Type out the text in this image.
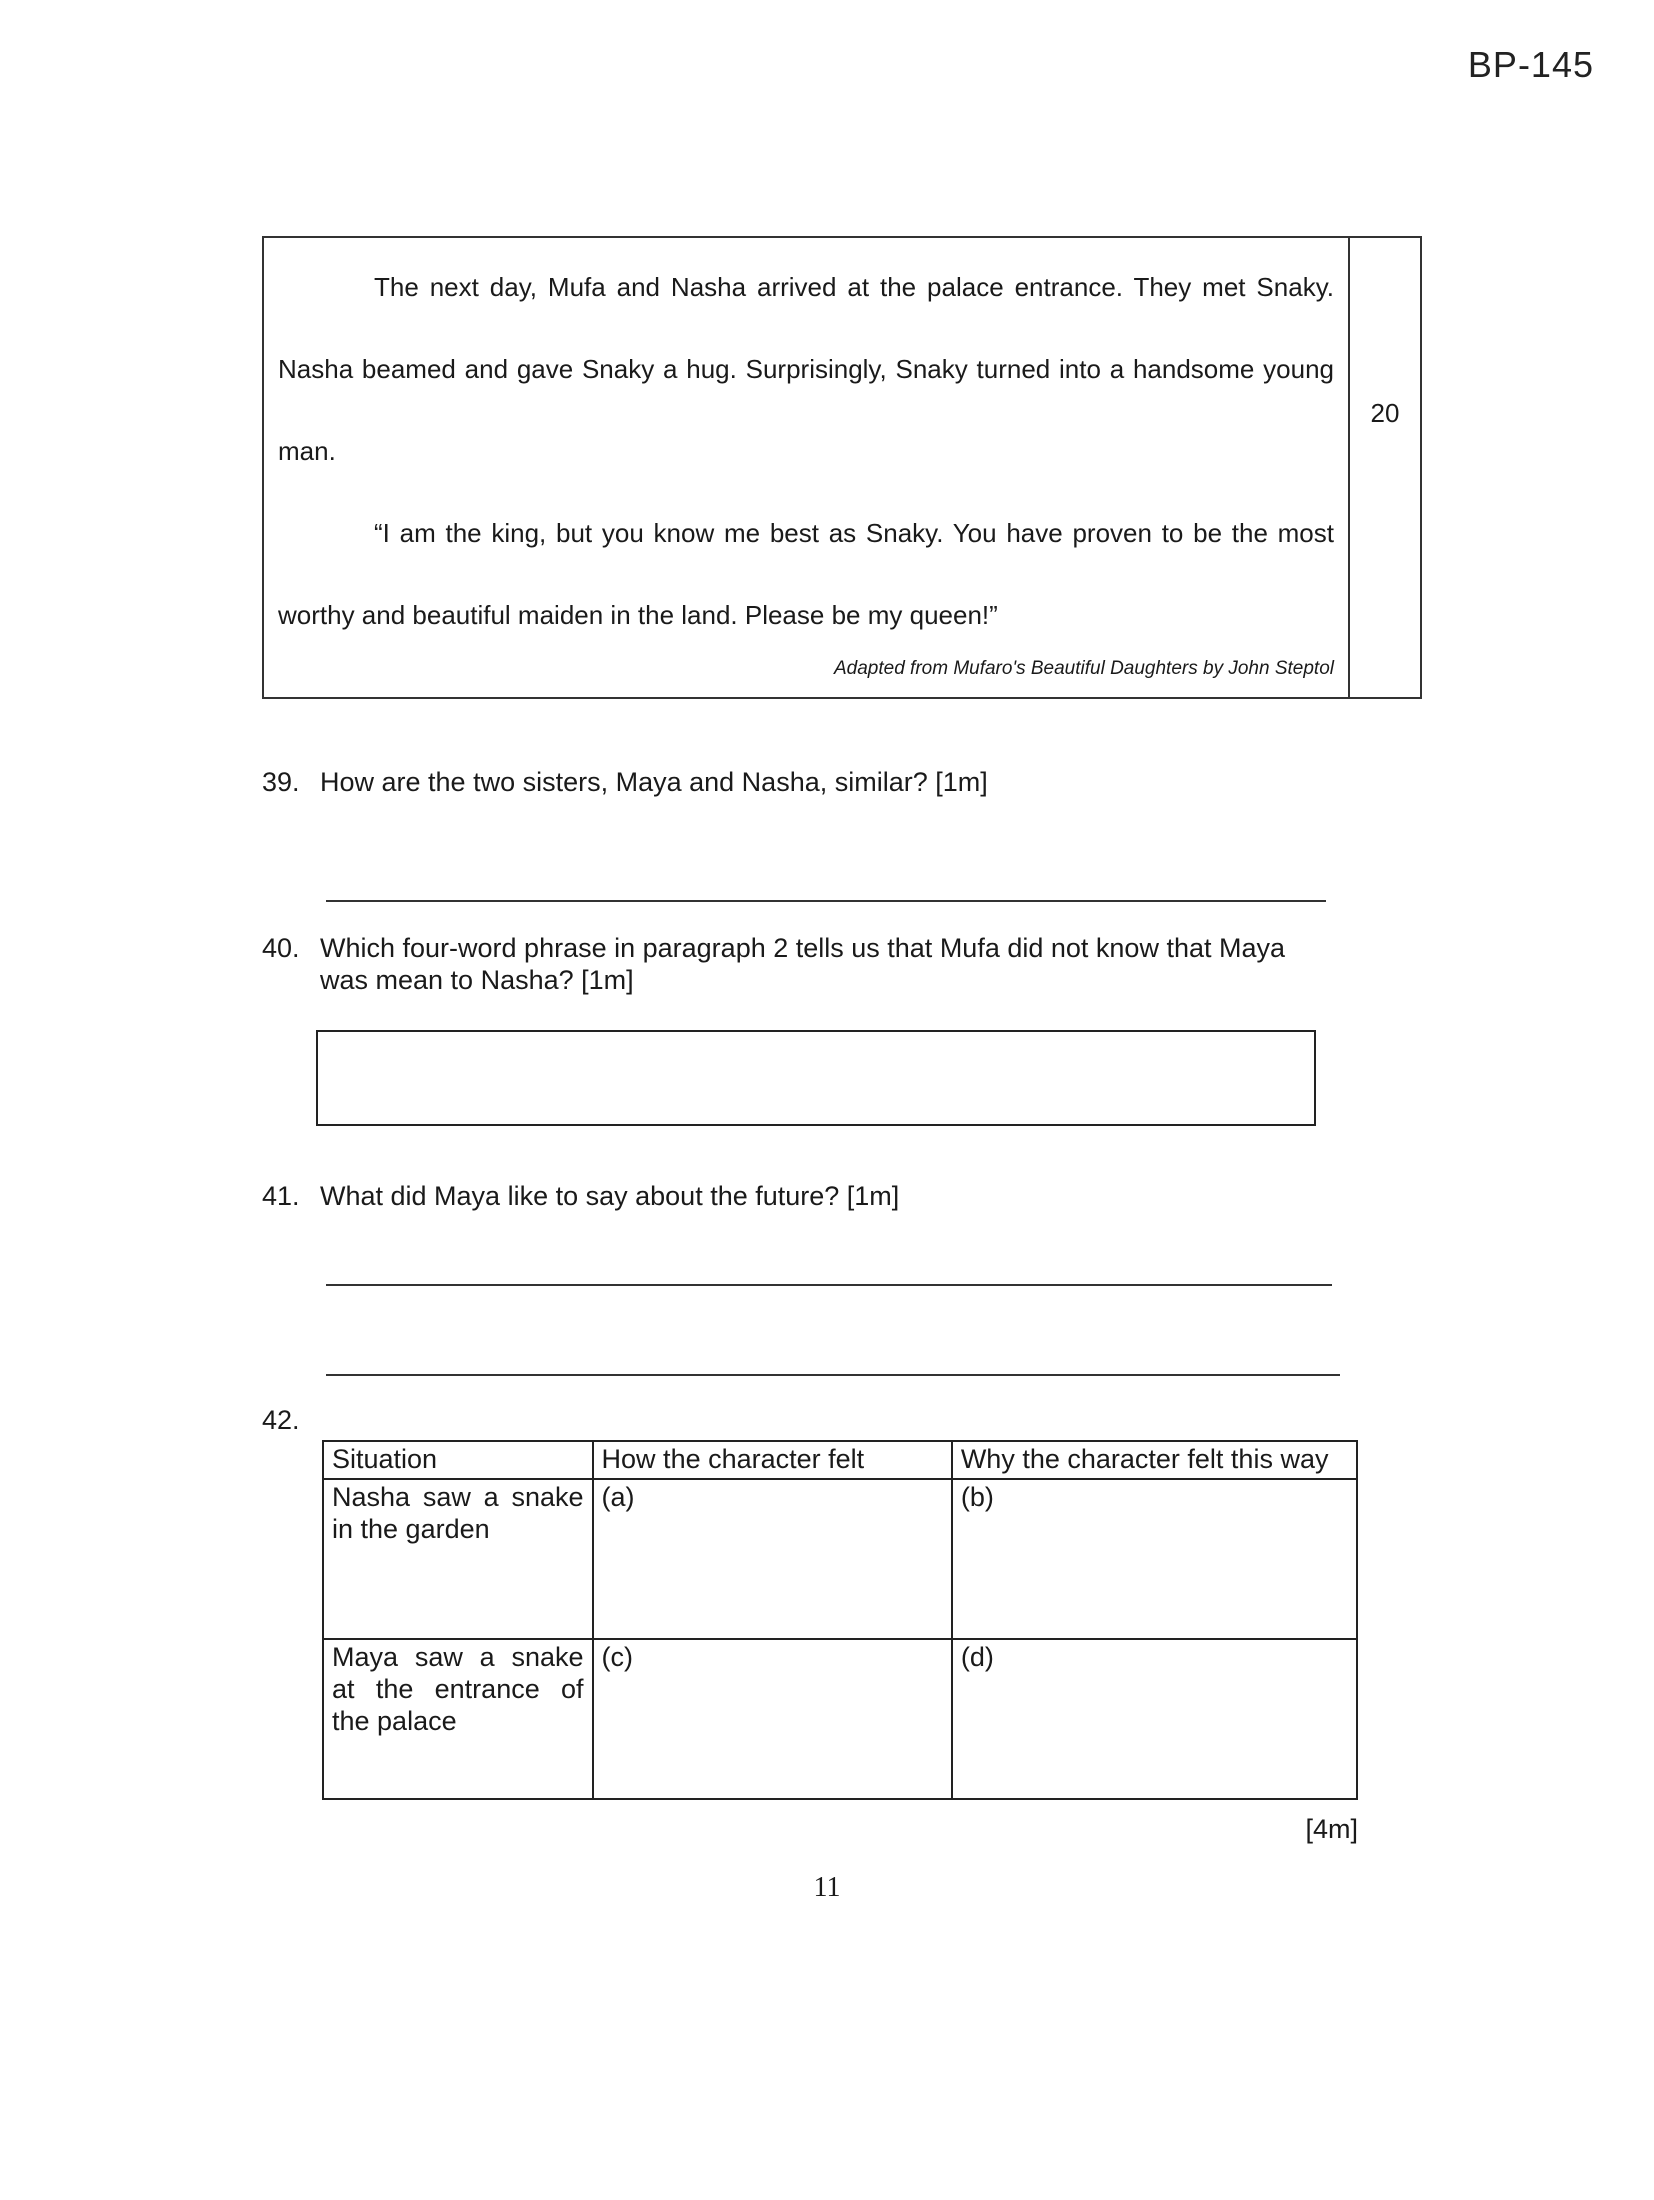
BP-145

The next day, Mufa and Nasha arrived at the palace entrance. They met Snaky. Nasha beamed and gave Snaky a hug. Surprisingly, Snaky turned into a handsome young man.

“I am the king, but you know me best as Snaky. You have proven to be the most worthy and beautiful maiden in the land. Please be my queen!”

Adapted from Mufaro's Beautiful Daughters by John Steptol
20
39. How are the two sisters, Maya and Nasha, similar? [1m]
40. Which four-word phrase in paragraph 2 tells us that Mufa did not know that Maya was mean to Nasha? [1m]
41. What did Maya like to say about the future? [1m]
42.
Situation	How the character felt	Why the character felt this way
Nasha saw a snake in the garden	(a)	(b)
Maya saw a snake at the entrance of the palace	(c)	(d)
[4m]
11
